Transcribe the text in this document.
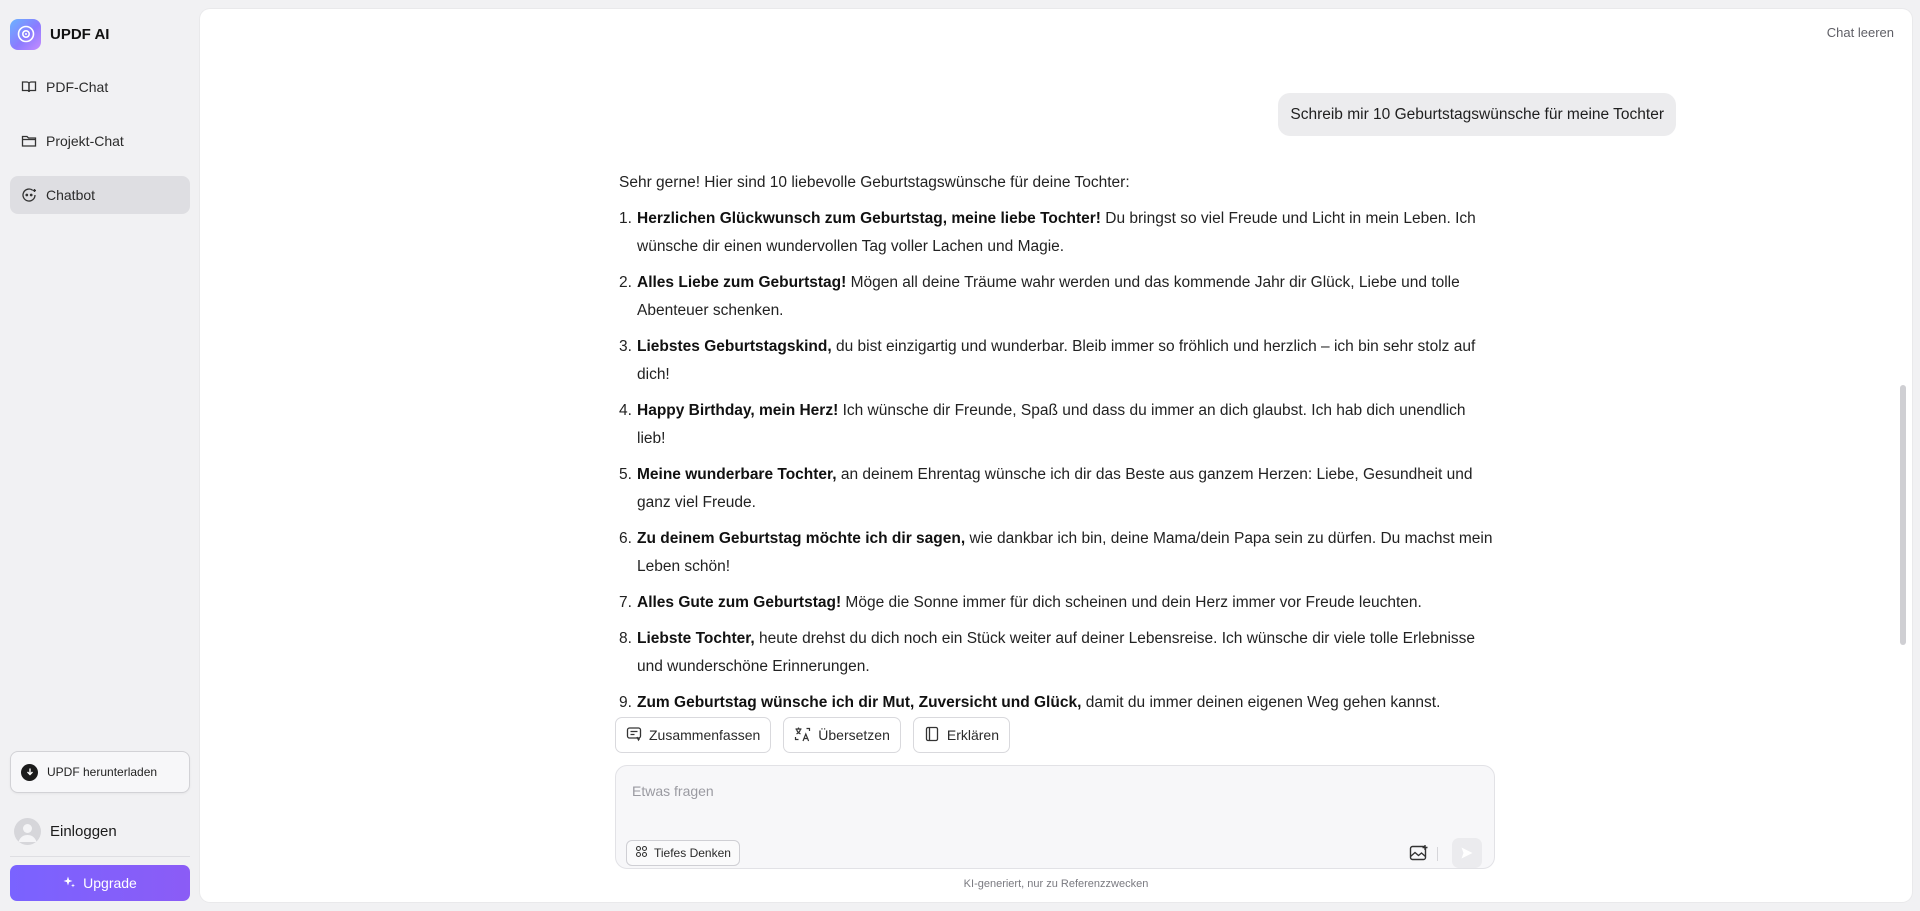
UPDF AI
PDF-Chat
Projekt-Chat
Chatbot
UPDF herunterladen
Einloggen
Upgrade
Chat leeren
Schreib mir 10 Geburtstagswünsche für meine Tochter

Sehr gerne! Hier sind 10 liebevolle Geburtstagswünsche für deine Tochter:

1. Herzlichen Glückwunsch zum Geburtstag, meine liebe Tochter! Du bringst so viel Freude und Licht in mein Leben. Ich wünsche dir einen wundervollen Tag voller Lachen und Magie.
2. Alles Liebe zum Geburtstag! Mögen all deine Träume wahr werden und das kommende Jahr dir Glück, Liebe und tolle Abenteuer schenken.
3. Liebstes Geburtstagskind, du bist einzigartig und wunderbar. Bleib immer so fröhlich und herzlich – ich bin sehr stolz auf dich!
4. Happy Birthday, mein Herz! Ich wünsche dir Freunde, Spaß und dass du immer an dich glaubst. Ich hab dich unendlich lieb!
5. Meine wunderbare Tochter, an deinem Ehrentag wünsche ich dir das Beste aus ganzem Herzen: Liebe, Gesundheit und ganz viel Freude.
6. Zu deinem Geburtstag möchte ich dir sagen, wie dankbar ich bin, deine Mama/dein Papa sein zu dürfen. Du machst mein Leben schön!
7. Alles Gute zum Geburtstag! Möge die Sonne immer für dich scheinen und dein Herz immer vor Freude leuchten.
8. Liebste Tochter, heute drehst du dich noch ein Stück weiter auf deiner Lebensreise. Ich wünsche dir viele tolle Erlebnisse und wunderschöne Erinnerungen.
9. Zum Geburtstag wünsche ich dir Mut, Zuversicht und Glück, damit du immer deinen eigenen Weg gehen kannst.
Zusammenfassen	Übersetzen	Erklären
Etwas fragen
Tiefes Denken
KI-generiert, nur zu Referenzzwecken
